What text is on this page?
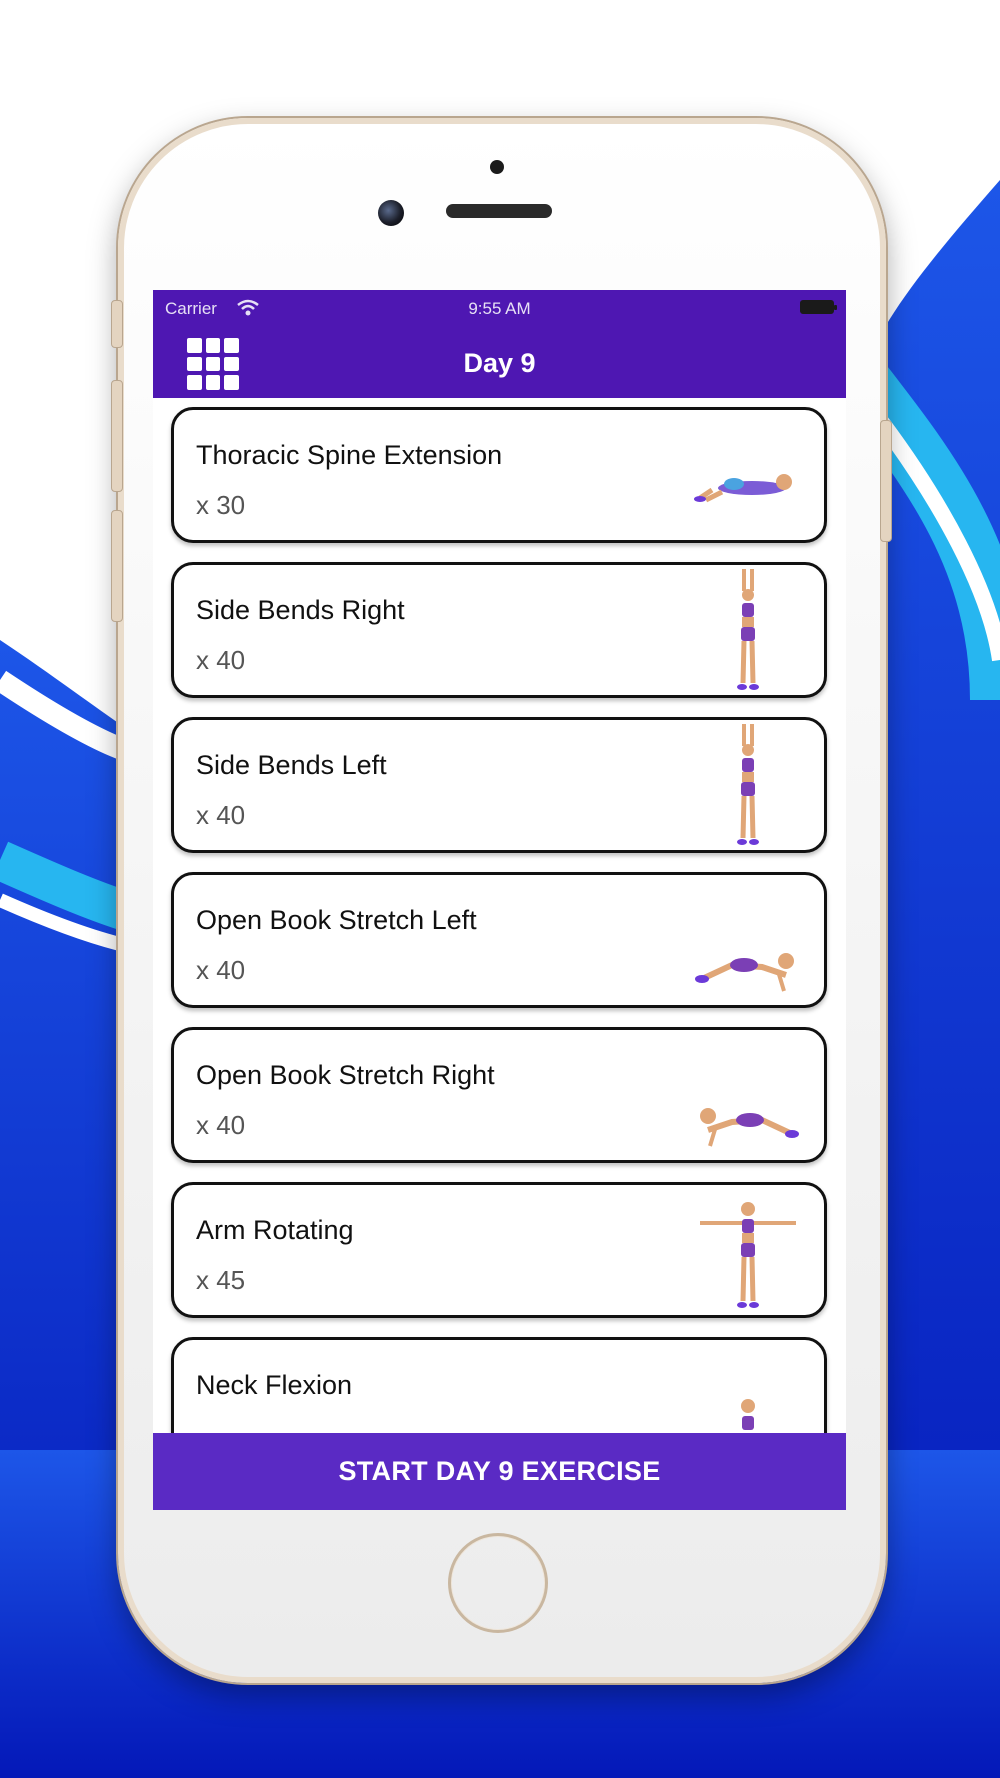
Carrier	9:55 AM
Day 9
Thoracic Spine Extension
x 30
Side Bends Right
x 40
Side Bends Left
x 40
Open Book Stretch Left
x 40
Open Book Stretch Right
x 40
Arm Rotating
x 45
Neck Flexion
START DAY 9 EXERCISE
